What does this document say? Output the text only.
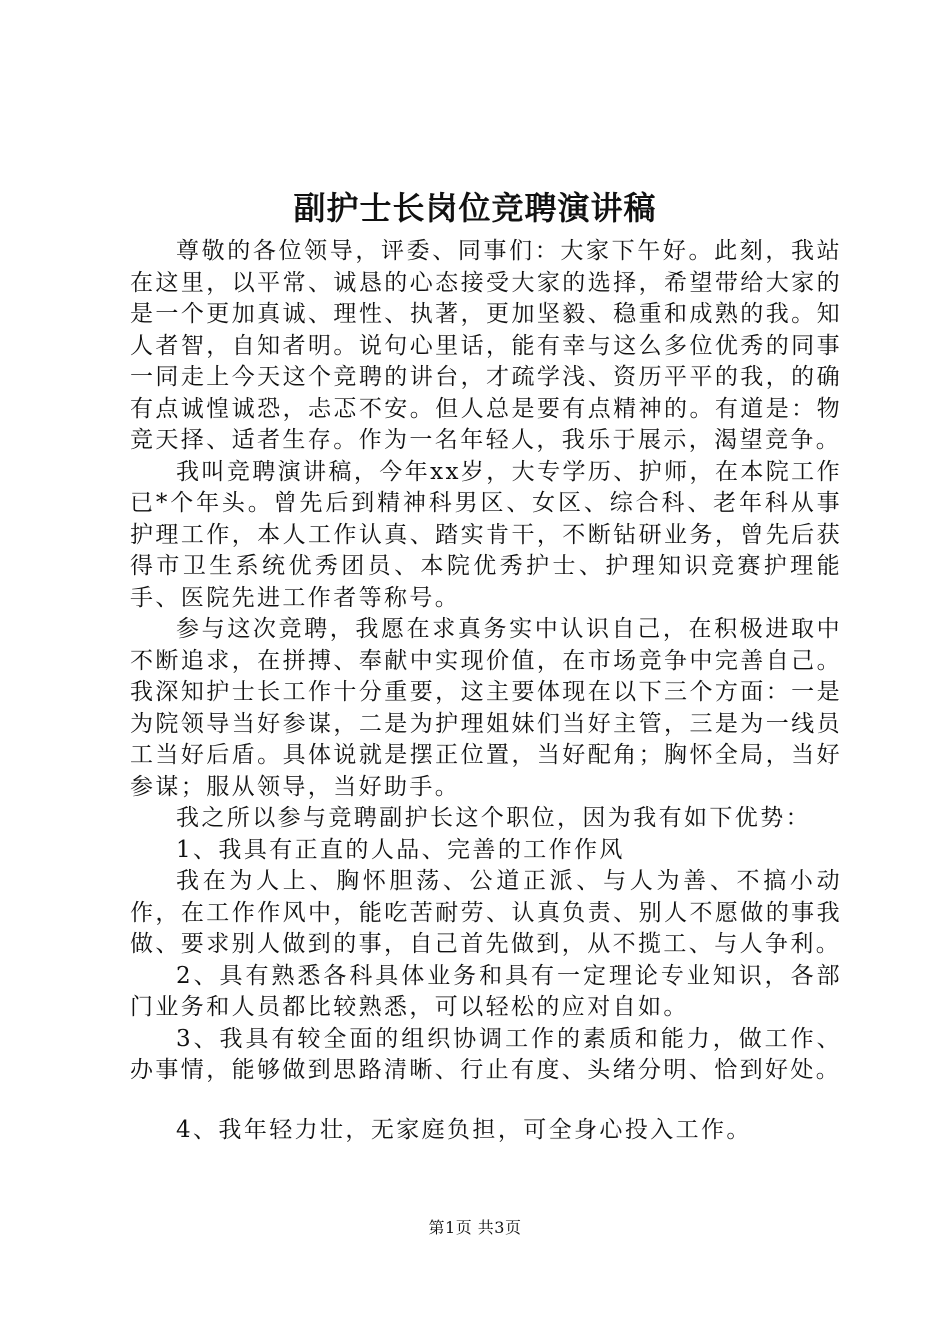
副护士长岗位竞聘演讲稿

尊敬的各位领导，评委、同事们：大家下午好。此刻，我站在这里，以平常、诚恳的心态接受大家的选择，希望带给大家的是一个更加真诚、理性、执著，更加坚毅、稳重和成熟的我。知人者智，自知者明。说句心里话，能有幸与这么多位优秀的同事一同走上今天这个竞聘的讲台，才疏学浅、资历平平的我，的确有点诚惶诚恐，忐忑不安。但人总是要有点精神的。有道是：物竞天择、适者生存。作为一名年轻人，我乐于展示，渴望竞争。

我叫竞聘演讲稿，今年xx岁，大专学历、护师，在本院工作已*个年头。曾先后到精神科男区、女区、综合科、老年科从事护理工作，本人工作认真、踏实肯干，不断钻研业务，曾先后获得市卫生系统优秀团员、本院优秀护士、护理知识竞赛护理能手、医院先进工作者等称号。

参与这次竞聘，我愿在求真务实中认识自己，在积极进取中不断追求，在拼搏、奉献中实现价值，在市场竞争中完善自己。我深知护士长工作十分重要，这主要体现在以下三个方面：一是为院领导当好参谋，二是为护理姐妹们当好主管，三是为一线员工当好后盾。具体说就是摆正位置，当好配角；胸怀全局，当好参谋；服从领导，当好助手。

我之所以参与竞聘副护长这个职位，因为我有如下优势：

1、我具有正直的人品、完善的工作作风

我在为人上、胸怀胆荡、公道正派、与人为善、不搞小动作，在工作作风中，能吃苦耐劳、认真负责、别人不愿做的事我做、要求别人做到的事，自己首先做到，从不揽工、与人争利。

2、具有熟悉各科具体业务和具有一定理论专业知识，各部门业务和人员都比较熟悉，可以轻松的应对自如。

3、我具有较全面的组织协调工作的素质和能力，做工作、办事情，能够做到思路清晰、行止有度、头绪分明、恰到好处。

4、我年轻力壮，无家庭负担，可全身心投入工作。

第1页 共3页
